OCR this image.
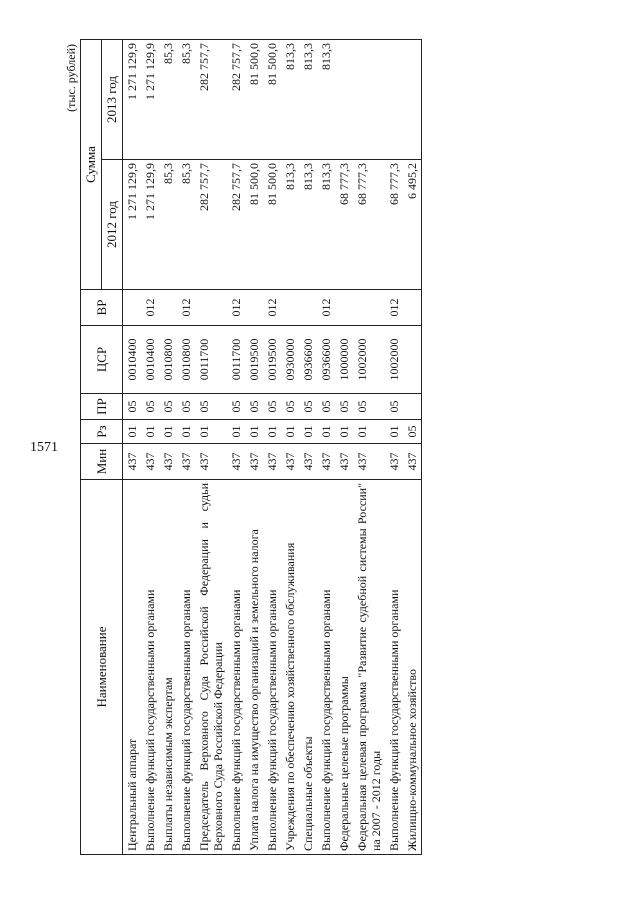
1571
(тыс. рублей)
Наименование	Мин	Рз	ПР	ЦСР	ВР	Сумма	
						2012 год	2013 год
Центральный аппарат	437	01	05	0010400		1 271 129,9	1 271 129,9
Выполнение функций государственными органами	437	01	05	0010400	012	1 271 129,9	1 271 129,9
Выплаты независимым экспертам	437	01	05	0010800		85,3	85,3
Выполнение функций государственными органами	437	01	05	0010800	012	85,3	85,3
Председатель Верховного Суда Российской Федерации и судьи Верховного Суда Российской Федерации	437	01	05	0011700		282 757,7	282 757,7
Выполнение функций государственными органами	437	01	05	0011700	012	282 757,7	282 757,7
Уплата налога на имущество организаций и земельного налога	437	01	05	0019500		81 500,0	81 500,0
Выполнение функций государственными органами	437	01	05	0019500	012	81 500,0	81 500,0
Учреждения по обеспечению хозяйственного обслуживания	437	01	05	0930000		813,3	813,3
Специальные объекты	437	01	05	0936600		813,3	813,3
Выполнение функций государственными органами	437	01	05	0936600	012	813,3	813,3
Федеральные целевые программы	437	01	05	1000000		68 777,3	
Федеральная целевая программа "Развитие судебной системы России" на 2007 - 2012 годы	437	01	05	1002000		68 777,3	
Выполнение функций государственными органами	437	01	05	1002000	012	68 777,3	
Жилищно-коммунальное хозяйство	437	05				6 495,2	
